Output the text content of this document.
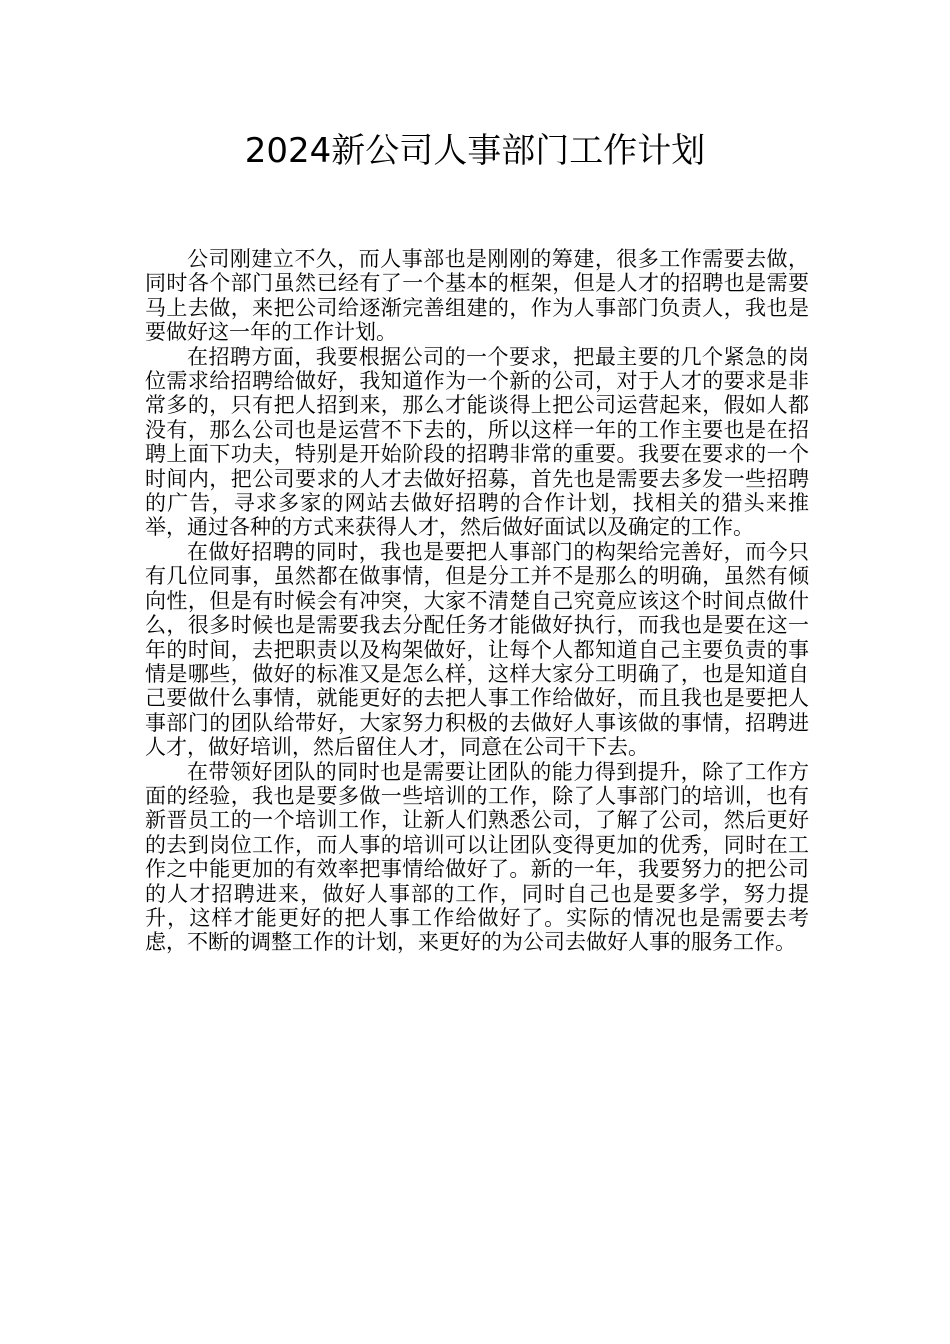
2024新公司人事部门工作计划

公司刚建立不久，而人事部也是刚刚的筹建，很多工作需要去做，同时各个部门虽然已经有了一个基本的框架，但是人才的招聘也是需要马上去做，来把公司给逐渐完善组建的，作为人事部门负责人，我也是要做好这一年的工作计划。

在招聘方面，我要根据公司的一个要求，把最主要的几个紧急的岗位需求给招聘给做好，我知道作为一个新的公司，对于人才的要求是非常多的，只有把人招到来，那么才能谈得上把公司运营起来，假如人都没有，那么公司也是运营不下去的，所以这样一年的工作主要也是在招聘上面下功夫，特别是开始阶段的招聘非常的重要。我要在要求的一个时间内，把公司要求的人才去做好招募，首先也是需要去多发一些招聘的广告，寻求多家的网站去做好招聘的合作计划，找相关的猎头来推举，通过各种的方式来获得人才，然后做好面试以及确定的工作。

在做好招聘的同时，我也是要把人事部门的构架给完善好，而今只有几位同事，虽然都在做事情，但是分工并不是那么的明确，虽然有倾向性，但是有时候会有冲突，大家不清楚自己究竟应该这个时间点做什么，很多时候也是需要我去分配任务才能做好执行，而我也是要在这一年的时间，去把职责以及构架做好，让每个人都知道自己主要负责的事情是哪些，做好的标准又是怎么样，这样大家分工明确了，也是知道自己要做什么事情，就能更好的去把人事工作给做好，而且我也是要把人事部门的团队给带好，大家努力积极的去做好人事该做的事情，招聘进人才，做好培训，然后留住人才，同意在公司干下去。

在带领好团队的同时也是需要让团队的能力得到提升，除了工作方面的经验，我也是要多做一些培训的工作，除了人事部门的培训，也有新晋员工的一个培训工作，让新人们熟悉公司，了解了公司，然后更好的去到岗位工作，而人事的培训可以让团队变得更加的优秀，同时在工作之中能更加的有效率把事情给做好了。新的一年，我要努力的把公司的人才招聘进来，做好人事部的工作，同时自己也是要多学，努力提升，这样才能更好的把人事工作给做好了。实际的情况也是需要去考虑，不断的调整工作的计划，来更好的为公司去做好人事的服务工作。
